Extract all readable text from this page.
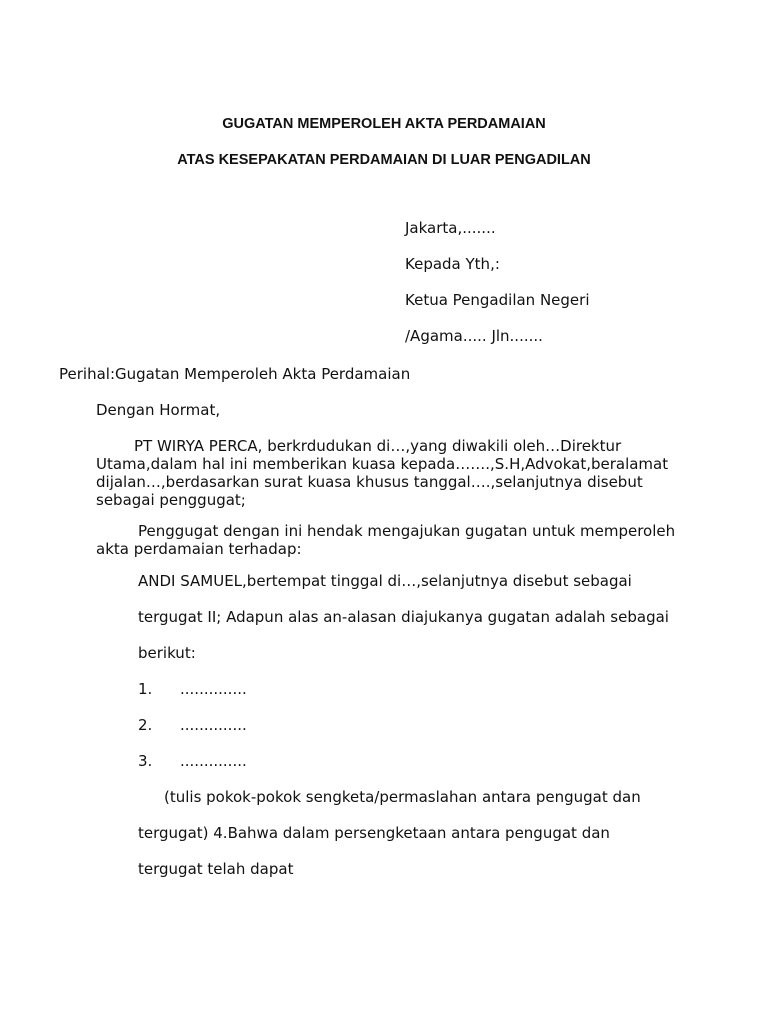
GUGATAN MEMPEROLEH AKTA PERDAMAIAN
ATAS KESEPAKATAN PERDAMAIAN DI LUAR PENGADILAN
Jakarta,.......
Kepada Yth,:
Ketua Pengadilan Negeri
/Agama..... Jln.......
Perihal:Gugatan Memperoleh Akta Perdamaian
Dengan Hormat,
PT WIRYA PERCA, berkrdudukan di…,yang diwakili oleh…Direktur Utama,dalam hal ini memberikan kuasa kepada…….,S.H,Advokat,beralamat dijalan…,berdasarkan surat kuasa khusus tanggal….,selanjutnya disebut sebagai penggugat;
Penggugat dengan ini hendak mengajukan gugatan untuk memperoleh akta perdamaian terhadap:
ANDI SAMUEL,bertempat tinggal di…,selanjutnya disebut sebagai
tergugat II; Adapun alas an-alasan diajukanya gugatan adalah sebagai
berikut:
1. ..............
2. ..............
3. ..............
(tulis pokok-pokok sengketa/permaslahan antara pengugat dan
tergugat) 4.Bahwa dalam persengketaan antara pengugat dan
tergugat telah dapat
